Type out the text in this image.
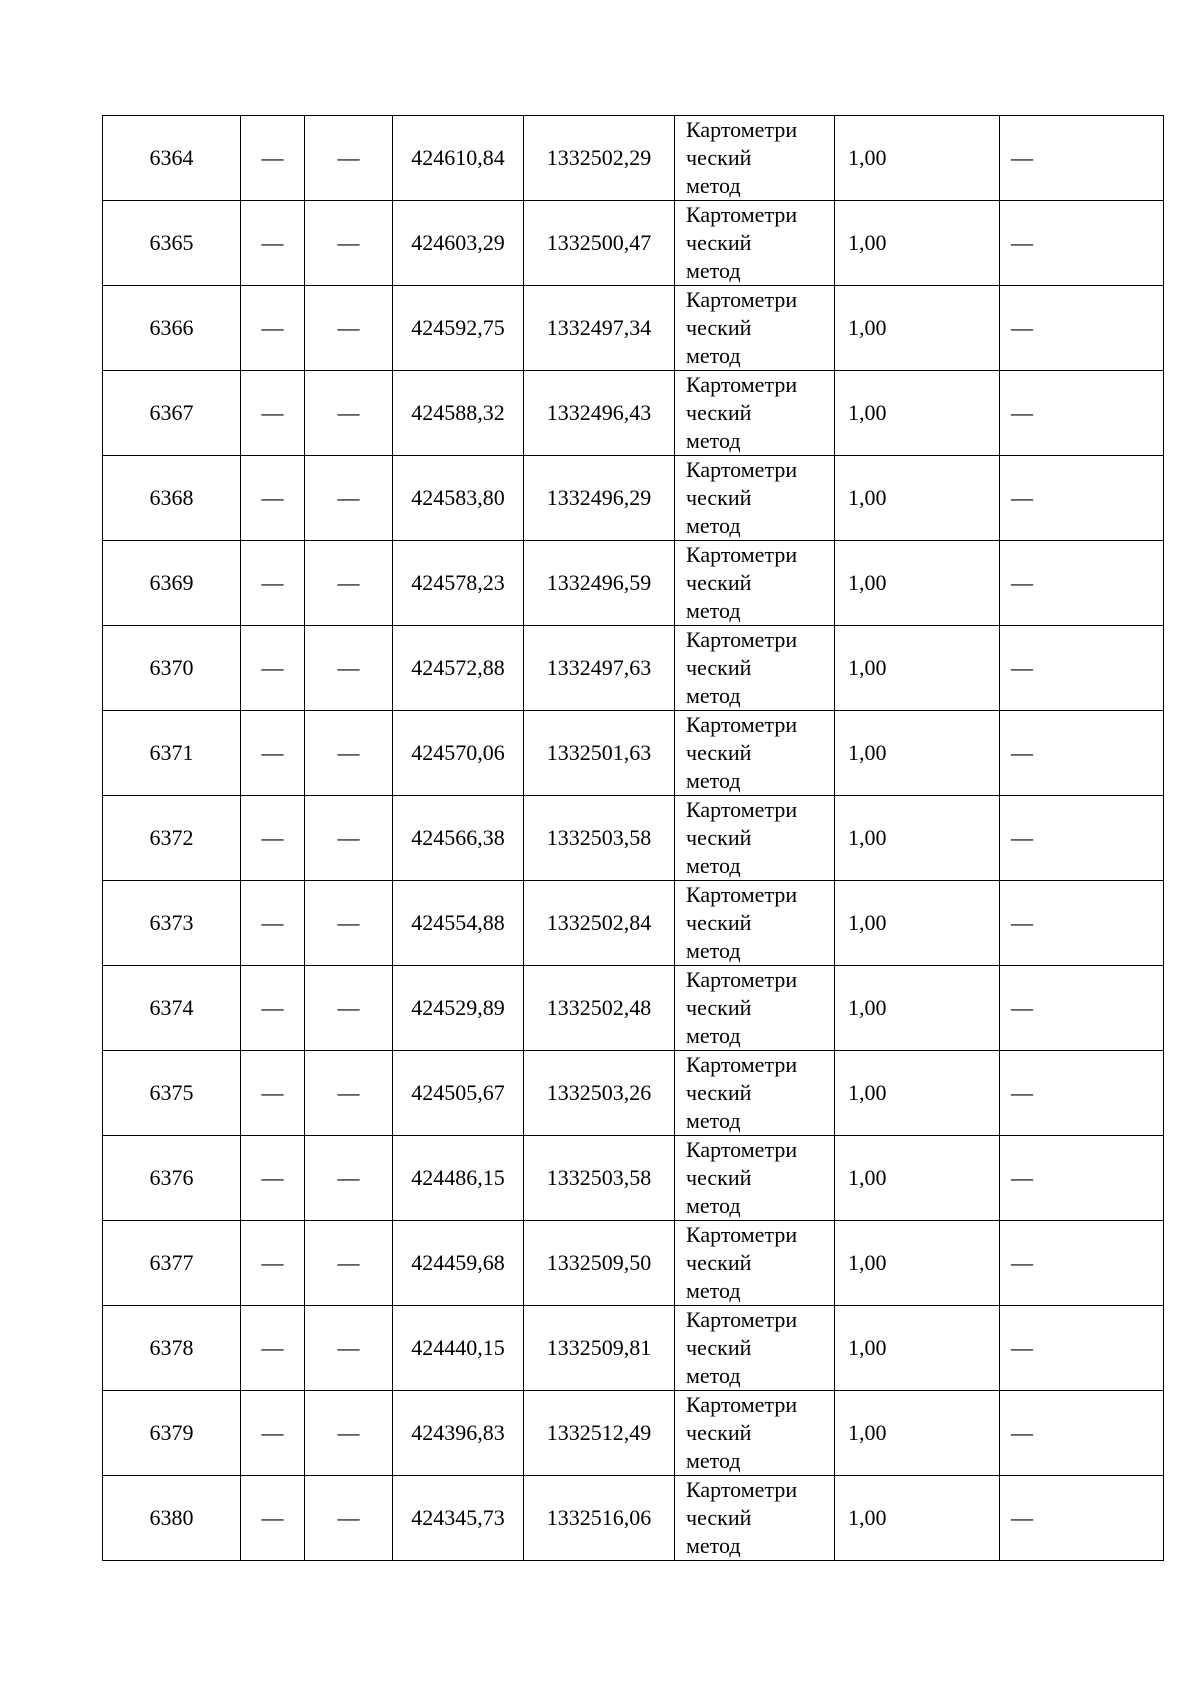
6364	—	—	424610,84	1332502,29	Картометри
ческий
метод	1,00	—
6365	—	—	424603,29	1332500,47	Картометри
ческий
метод	1,00	—
6366	—	—	424592,75	1332497,34	Картометри
ческий
метод	1,00	—
6367	—	—	424588,32	1332496,43	Картометри
ческий
метод	1,00	—
6368	—	—	424583,80	1332496,29	Картометри
ческий
метод	1,00	—
6369	—	—	424578,23	1332496,59	Картометри
ческий
метод	1,00	—
6370	—	—	424572,88	1332497,63	Картометри
ческий
метод	1,00	—
6371	—	—	424570,06	1332501,63	Картометри
ческий
метод	1,00	—
6372	—	—	424566,38	1332503,58	Картометри
ческий
метод	1,00	—
6373	—	—	424554,88	1332502,84	Картометри
ческий
метод	1,00	—
6374	—	—	424529,89	1332502,48	Картометри
ческий
метод	1,00	—
6375	—	—	424505,67	1332503,26	Картометри
ческий
метод	1,00	—
6376	—	—	424486,15	1332503,58	Картометри
ческий
метод	1,00	—
6377	—	—	424459,68	1332509,50	Картометри
ческий
метод	1,00	—
6378	—	—	424440,15	1332509,81	Картометри
ческий
метод	1,00	—
6379	—	—	424396,83	1332512,49	Картометри
ческий
метод	1,00	—
6380	—	—	424345,73	1332516,06	Картометри
ческий
метод	1,00	—
